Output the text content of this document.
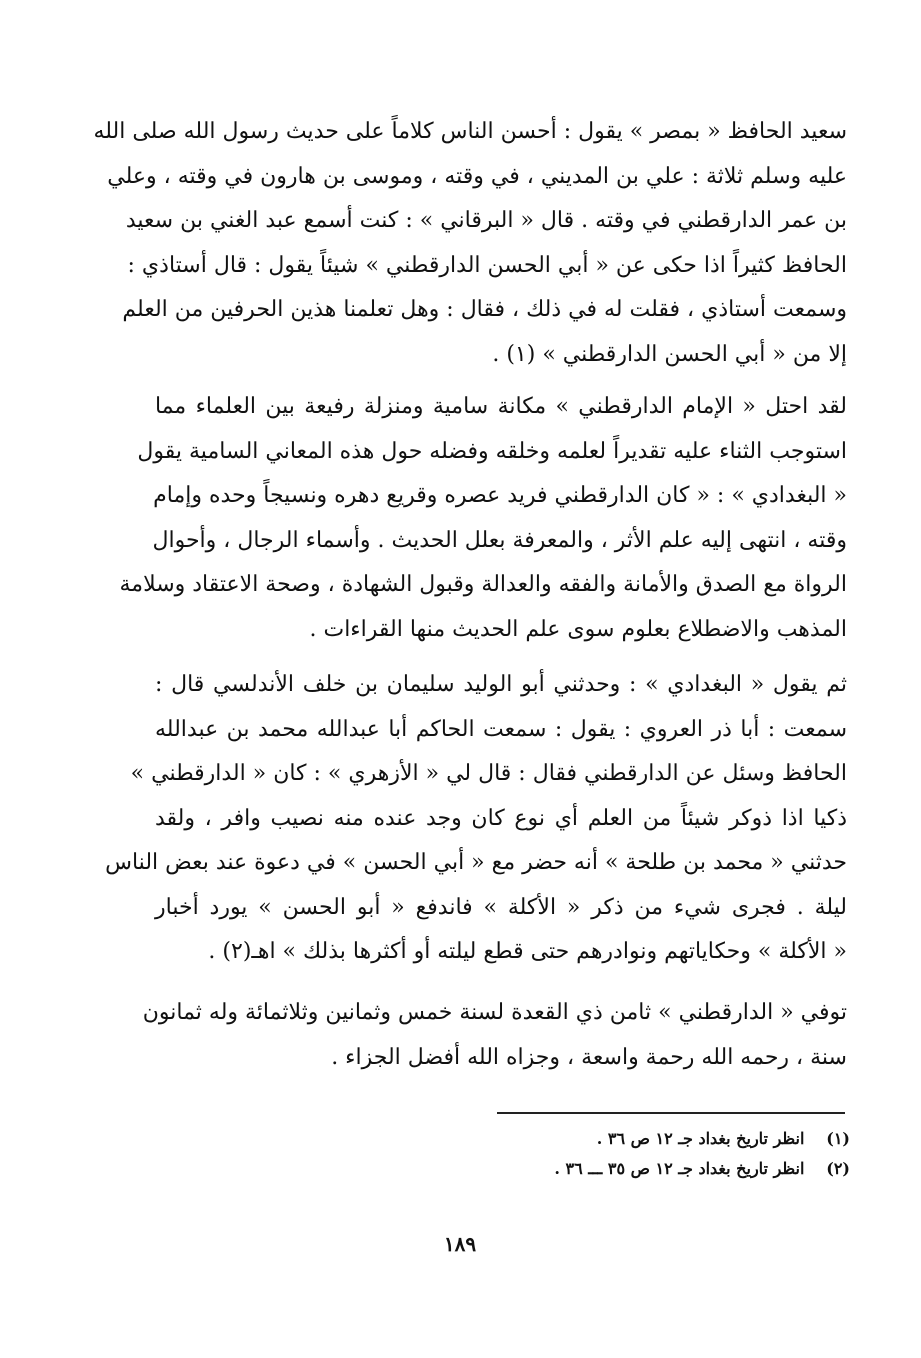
سعيد الحافظ « بمصر » يقول : أحسن الناس كلاماً على حديث رسول الله صلى الله
عليه وسلم ثلاثة : علي بن المديني ، في وقته ، وموسى بن هارون في وقته ، وعلي
بن عمر الدارقطني في وقته . قال « البرقاني » : كنت أسمع عبد الغني بن سعيد
الحافظ كثيراً اذا حكى عن « أبي الحسن الدارقطني » شيئاً يقول : قال أستاذي :
وسمعت أستاذي ، فقلت له في ذلك ، فقال : وهل تعلمنا هذين الحرفين من العلم
إلا من « أبي الحسن الدارقطني » (١) .
لقد احتل « الإمام الدارقطني » مكانة سامية ومنزلة رفيعة بين العلماء مما
استوجب الثناء عليه تقديراً لعلمه وخلقه وفضله حول هذه المعاني السامية يقول
« البغدادي » : « كان الدارقطني فريد عصره وقريع دهره ونسيجاً وحده وإمام
وقته ، انتهى إليه علم الأثر ، والمعرفة بعلل الحديث . وأسماء الرجال ، وأحوال
الرواة مع الصدق والأمانة والفقه والعدالة وقبول الشهادة ، وصحة الاعتقاد وسلامة
المذهب والاضطلاع بعلوم سوى علم الحديث منها القراءات .
ثم يقول « البغدادي » : وحدثني أبو الوليد سليمان بن خلف الأندلسي قال :
سمعت : أبا ذر العروي : يقول : سمعت الحاكم أبا عبدالله محمد بن عبدالله
الحافظ وسئل عن الدارقطني فقال : قال لي « الأزهري » : كان « الدارقطني »
ذكيا اذا ذوكر شيئاً من العلم أي نوع كان وجد عنده منه نصيب وافر ، ولقد
حدثني « محمد بن طلحة » أنه حضر مع « أبي الحسن » في دعوة عند بعض الناس
ليلة . فجرى شيء من ذكر « الأكلة » فاندفع « أبو الحسن » يورد أخبار
« الأكلة » وحكاياتهم ونوادرهم حتى قطع ليلته أو أكثرها بذلك » اهـ(٢) .
توفي « الدارقطني » ثامن ذي القعدة لسنة خمس وثمانين وثلاثمائة وله ثمانون
سنة ، رحمه الله رحمة واسعة ، وجزاه الله أفضل الجزاء .
(١) انظر تاريخ بغداد جـ ١٢ ص ٣٦ .
(٢) انظر تاريخ بغداد جـ ١٢ ص ٣٥ ـــ ٣٦ .
١٨٩
